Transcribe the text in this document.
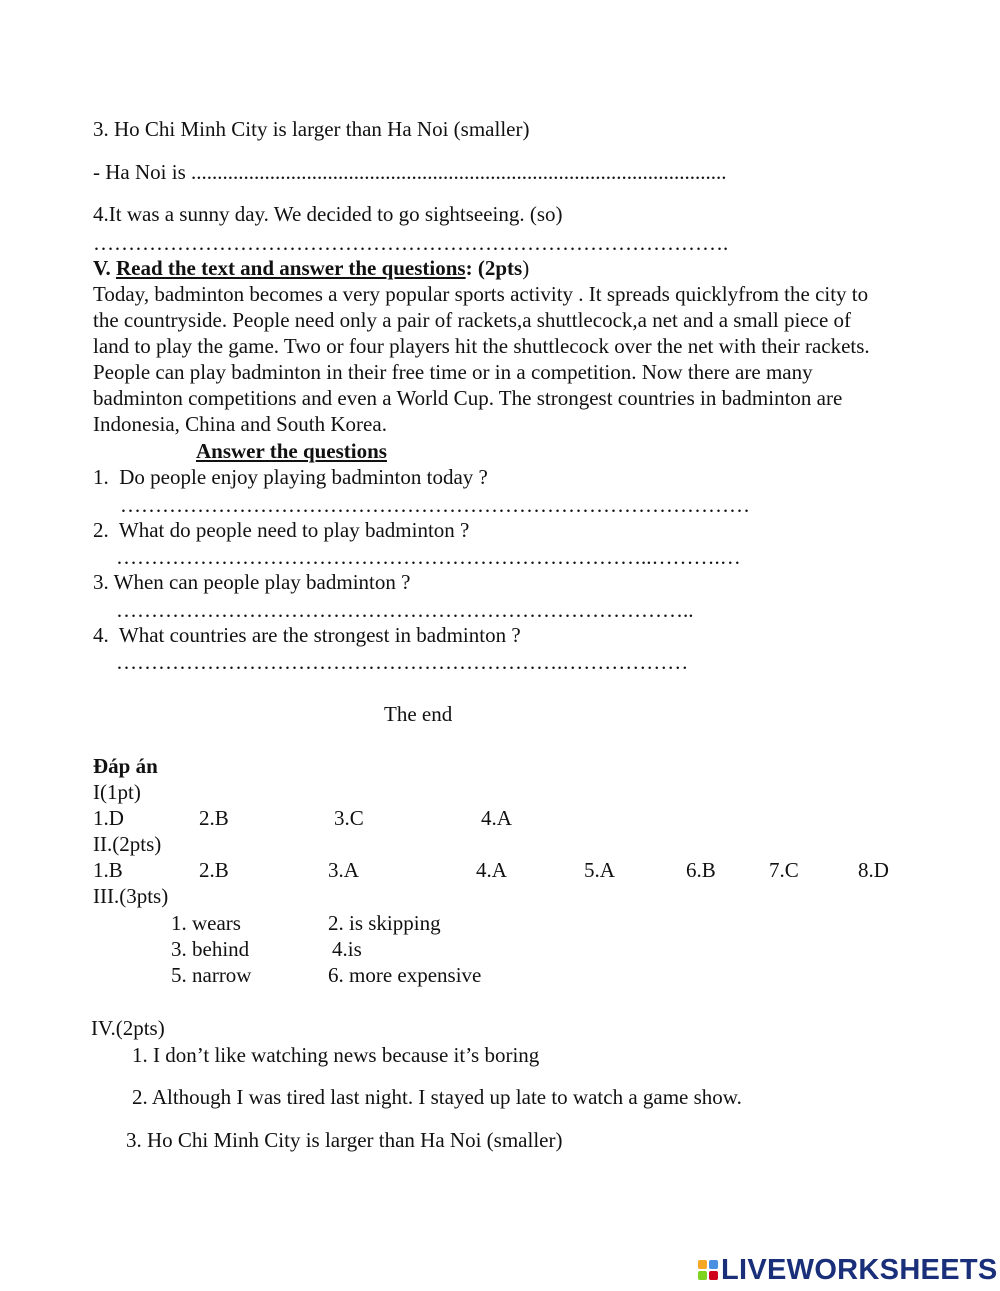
3. Ho Chi Minh City is larger than Ha Noi (smaller)
- Ha Noi is ......................................................................................................
4.It was a sunny day. We decided to go sightseeing. (so)
……………………………………………………………………………….
V. Read the text and answer the questions: (2pts)
Today, badminton becomes a very popular sports activity . It spreads quicklyfrom the city to
the countryside. People need only a pair of rackets,a shuttlecock,a net and a small piece of
land to play the game. Two or four players hit the shuttlecock over the net with their rackets.
People can play badminton in their free time or in a competition. Now there are many
badminton competitions and even a World Cup. The strongest countries in badminton are
Indonesia, China and South Korea.
Answer the questions
1.  Do people enjoy playing badminton today ?
………………………………………………………………………………
2.  What do people need to play badminton ?
…………………………………………………………………..……….…
3. When can people play badminton ?
………………………………………………………………………..
4.  What countries are the strongest in badminton ?
……………………………………………………….………………
The end
Đáp án
I(1pt)
1.D	2.B	3.C	4.A
II.(2pts)
1.B	2.B	3.A	4.A	5.A	6.B	7.C	8.D
III.(3pts)
1. wears	2. is skipping
3. behind	4.is
5. narrow	6. more expensive
IV.(2pts)
1. I don’t like watching news because it’s boring
2. Although I was tired last night. I stayed up late to watch a game show.
3. Ho Chi Minh City is larger than Ha Noi (smaller)
LIVEWORKSHEETS
